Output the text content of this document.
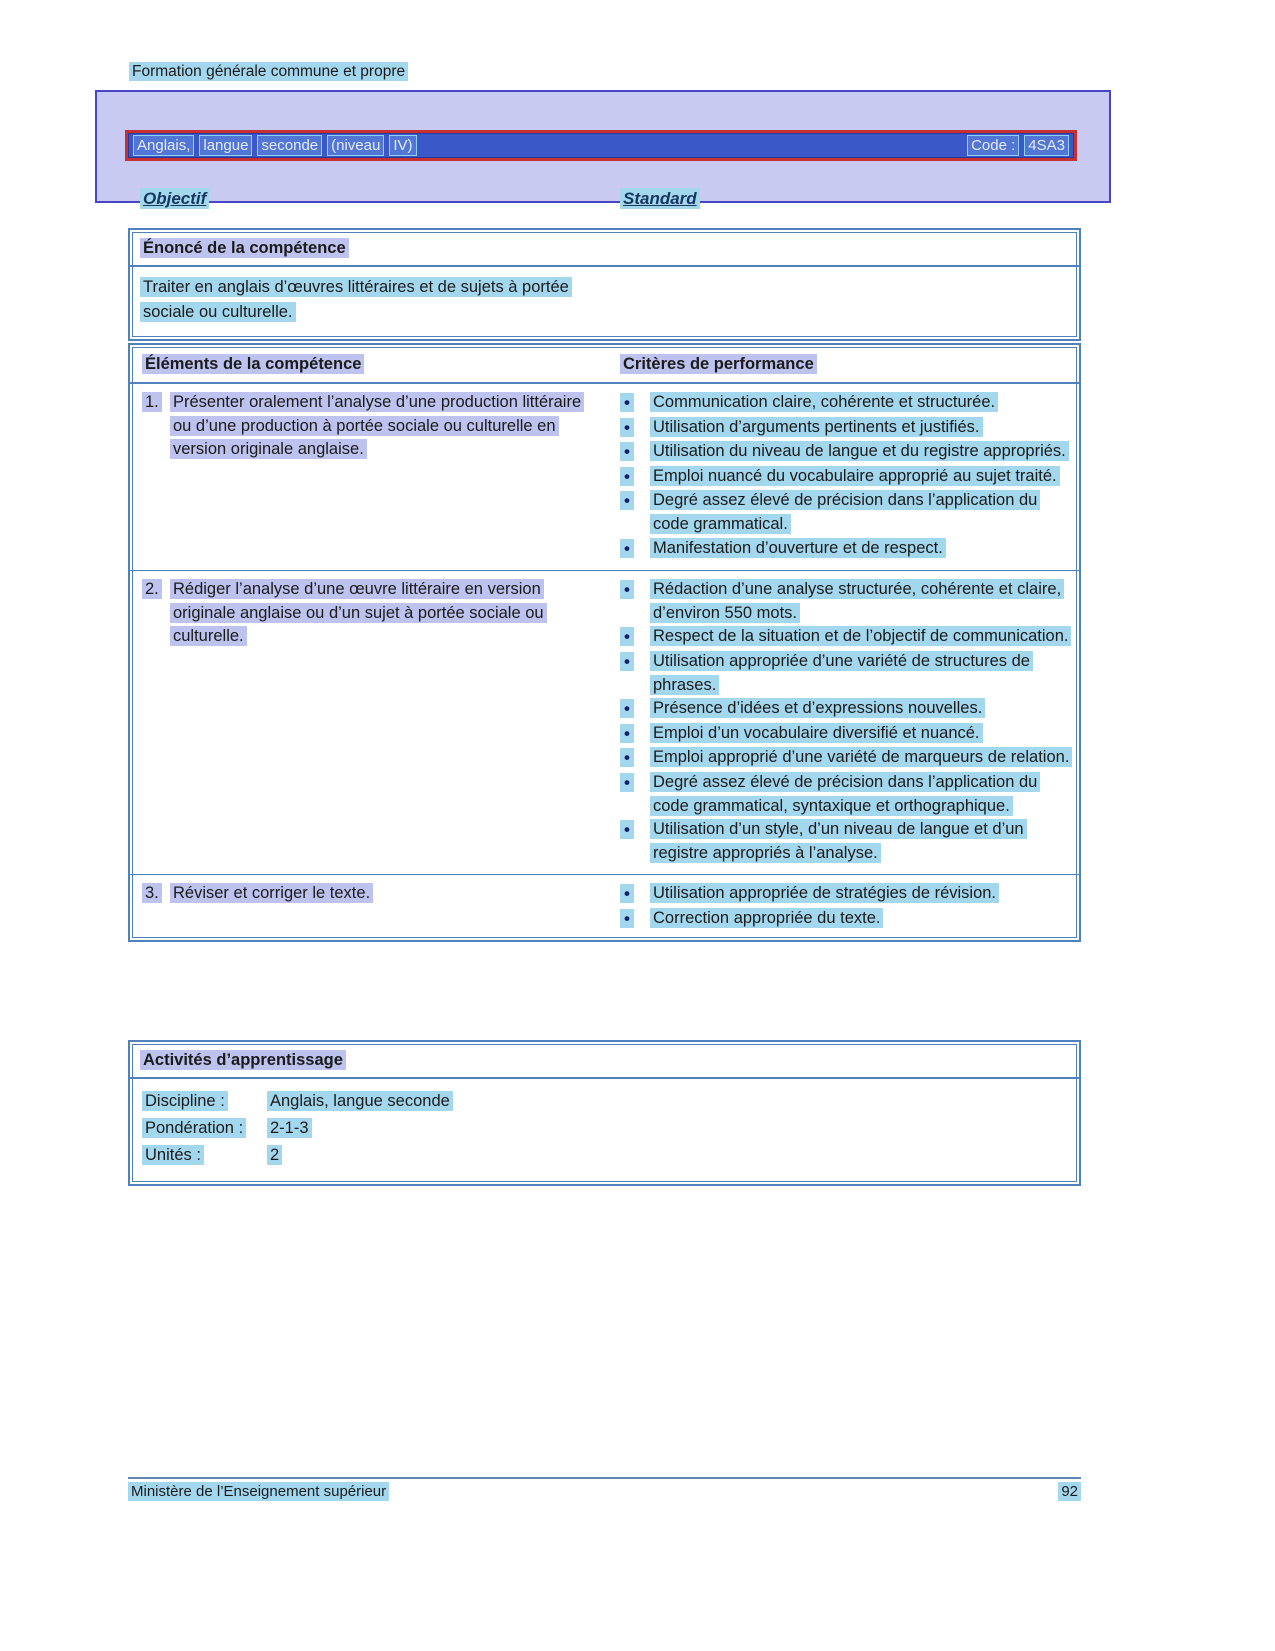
Formation générale commune et propre
Anglais, langue seconde (niveau IV)	Code : 4SA3
Objectif	Standard
Énoncé de la compétence
Traiter en anglais d’œuvres littéraires et de sujets à portée sociale ou culturelle.
Éléments de la compétence	Critères de performance
1. Présenter oralement l’analyse d’une production littéraire ou d’une production à portée sociale ou culturelle en version originale anglaise.
•	Communication claire, cohérente et structurée.
•	Utilisation d’arguments pertinents et justifiés.
•	Utilisation du niveau de langue et du registre appropriés.
•	Emploi nuancé du vocabulaire approprié au sujet traité.
•	Degré assez élevé de précision dans l’application du code grammatical.
•	Manifestation d’ouverture et de respect.
2. Rédiger l’analyse d’une œuvre littéraire en version originale anglaise ou d’un sujet à portée sociale ou culturelle.
•	Rédaction d’une analyse structurée, cohérente et claire, d’environ 550 mots.
•	Respect de la situation et de l’objectif de communication.
•	Utilisation appropriée d’une variété de structures de phrases.
•	Présence d’idées et d’expressions nouvelles.
•	Emploi d’un vocabulaire diversifié et nuancé.
•	Emploi approprié d’une variété de marqueurs de relation.
•	Degré assez élevé de précision dans l’application du code grammatical, syntaxique et orthographique.
•	Utilisation d’un style, d’un niveau de langue et d’un registre appropriés à l’analyse.
3. Réviser et corriger le texte.	•	Utilisation appropriée de stratégies de révision.
•	Correction appropriée du texte.
Activités d’apprentissage
Discipline :	Anglais, langue seconde
Pondération :	2-1-3
Unités :	2
Ministère de l’Enseignement supérieur	92
